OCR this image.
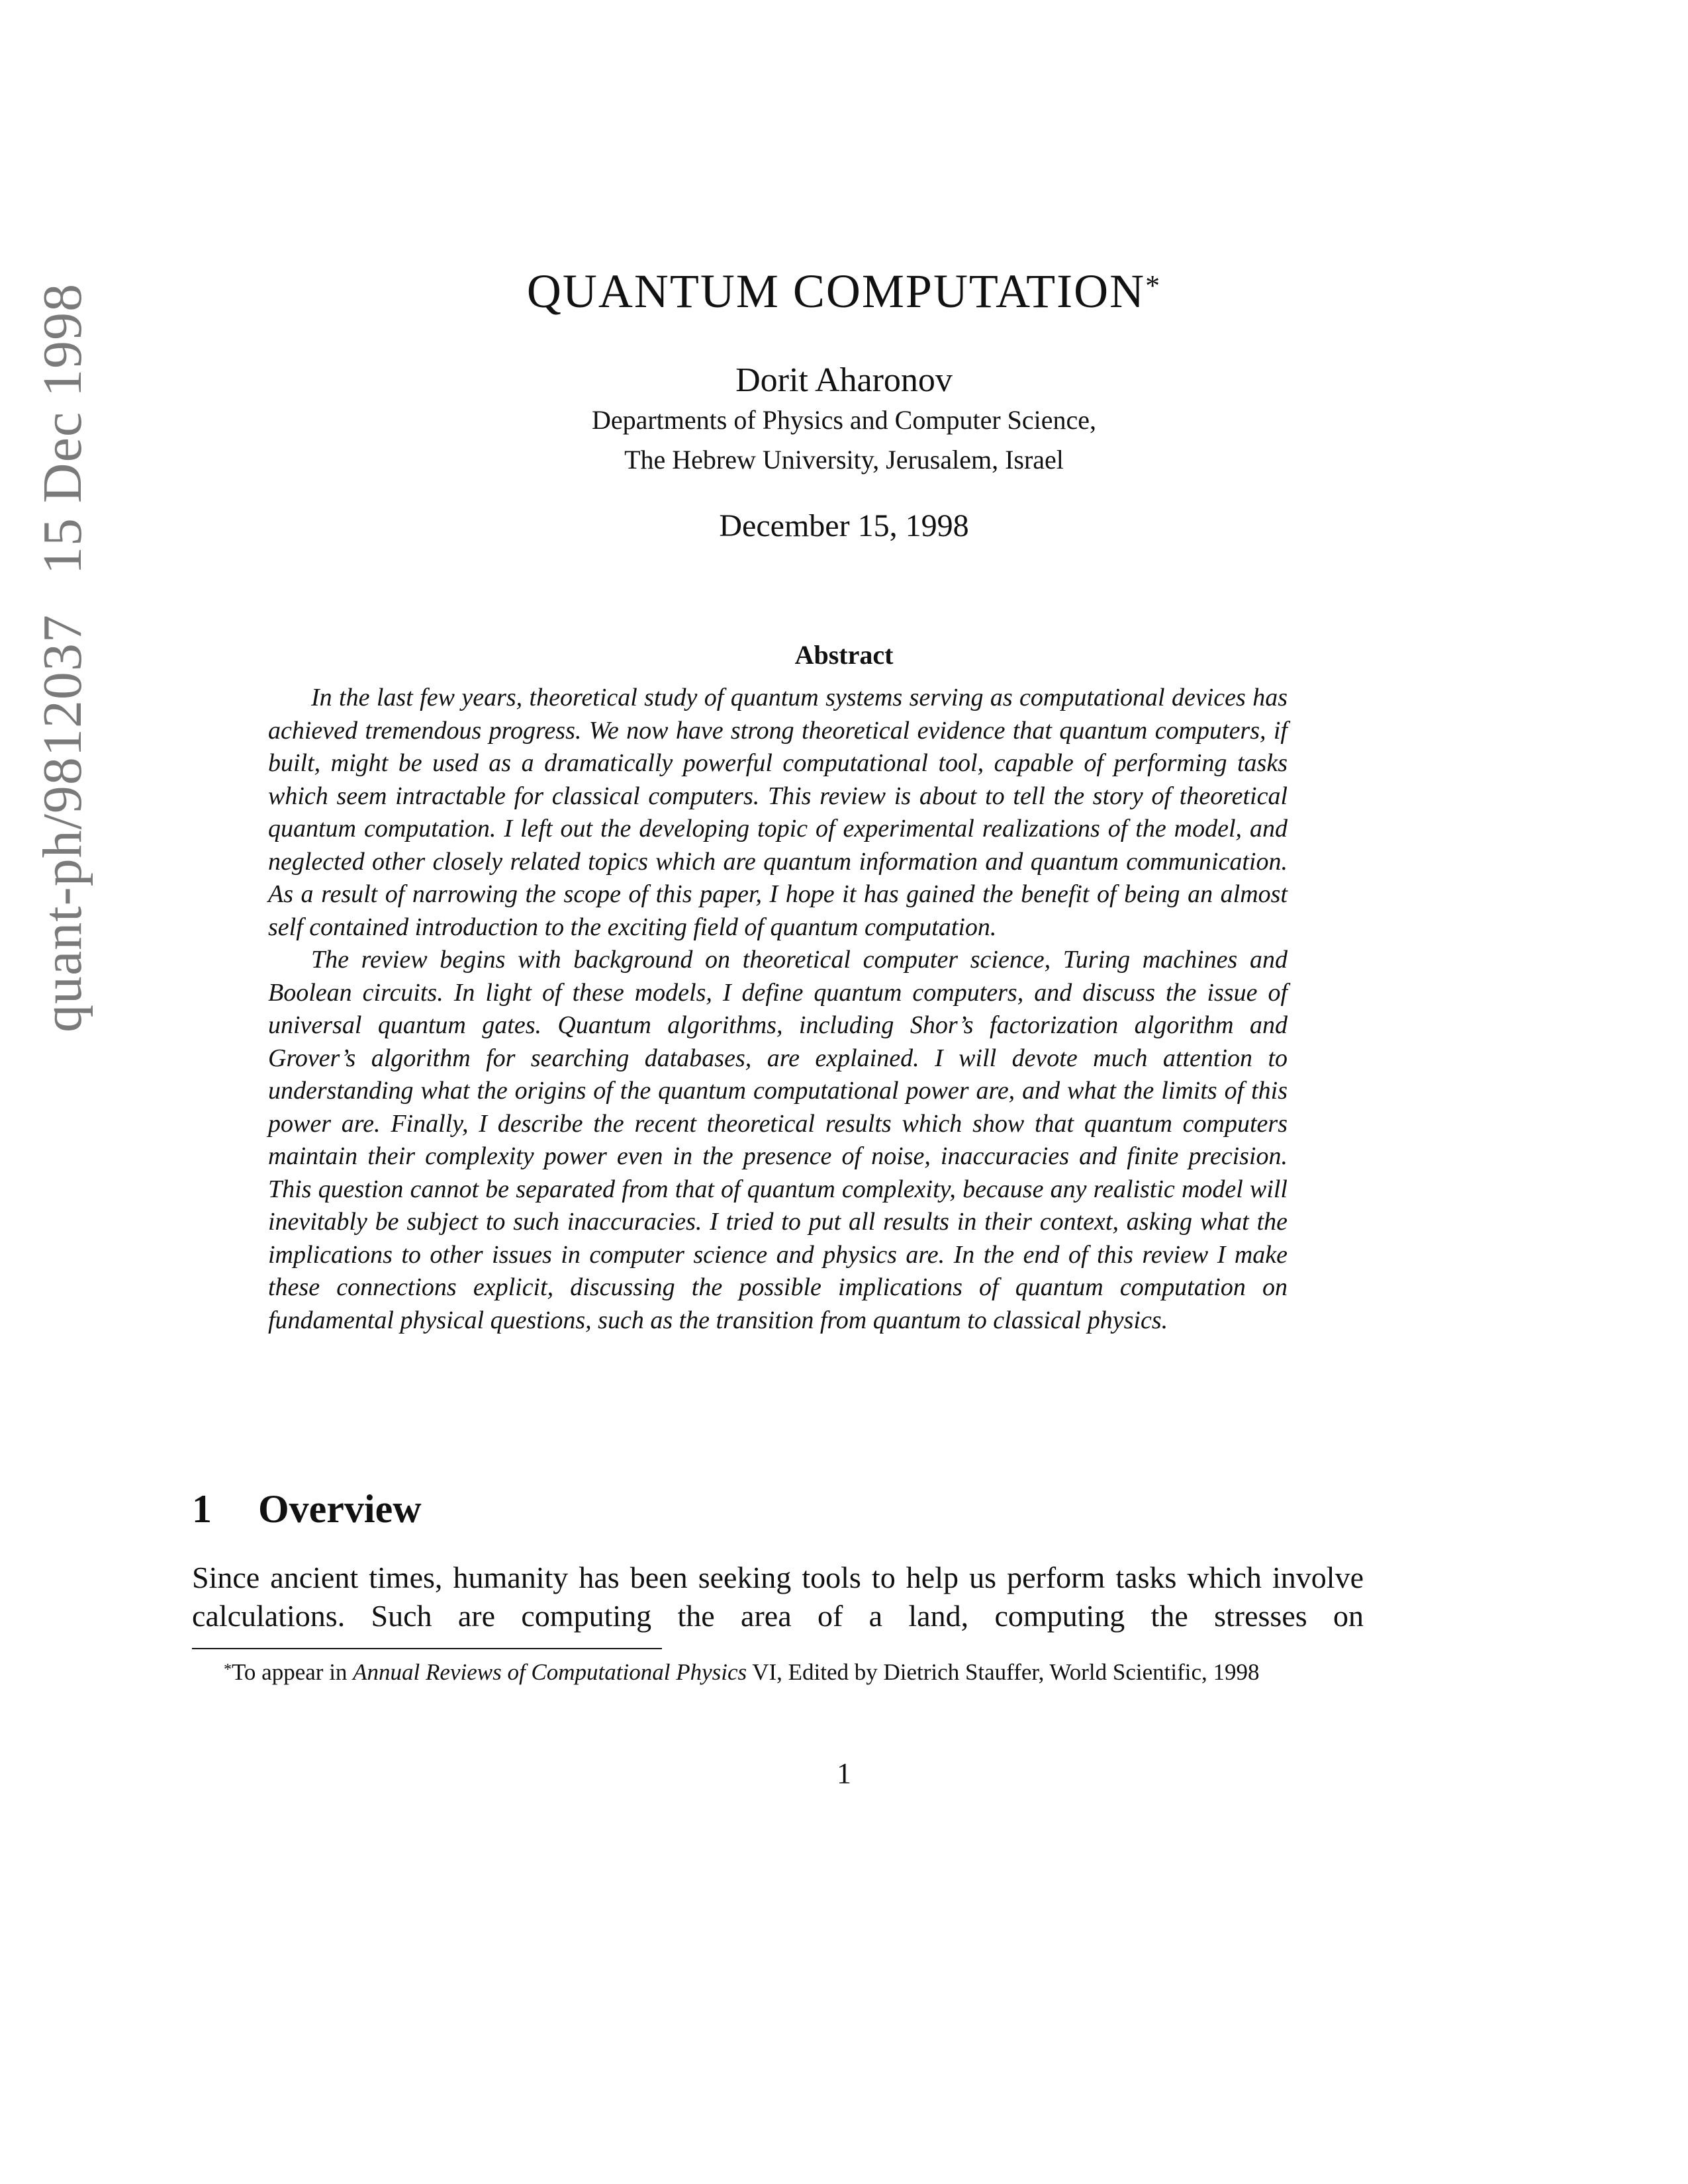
quant-ph/981203715 Dec 1998	QUANTUM COMPUTATION*
Dorit Aharonov
Departments of Physics and Computer Science,
The Hebrew University, Jerusalem, Israel
December 15, 1998
Abstract

In the last few years, theoretical study of quantum systems serving as computational devices has achieved tremendous progress. We now have strong theoretical evidence that quantum computers, if built, might be used as a dramatically powerful computational tool, capable of performing tasks which seem intractable for classical computers. This review is about to tell the story of theoretical quantum computation. I left out the developing topic of experimental realizations of the model, and neglected other closely related topics which are quantum information and quantum communication. As a result of narrowing the scope of this paper, I hope it has gained the benefit of being an almost self contained introduction to the exciting field of quantum computation.

The review begins with background on theoretical computer science, Turing machines and Boolean circuits. In light of these models, I define quantum computers, and discuss the issue of universal quantum gates. Quantum algorithms, including Shor’s factorization algorithm and Grover’s algorithm for searching databases, are explained. I will devote much attention to understanding what the origins of the quantum computational power are, and what the limits of this power are. Finally, I describe the recent theoretical results which show that quantum computers maintain their complexity power even in the presence of noise, inaccuracies and finite precision. This question cannot be separated from that of quantum complexity, because any realistic model will inevitably be subject to such inaccuracies. I tried to put all results in their context, asking what the implications to other issues in computer science and physics are. In the end of this review I make these connections explicit, discussing the possible implications of quantum computation on fundamental physical questions, such as the transition from quantum to classical physics.

1 Overview

Since ancient times, humanity has been seeking tools to help us perform tasks which involve calculations. Such are computing the area of a land, computing the stresses on

*To appear in Annual Reviews of Computational Physics VI, Edited by Dietrich Stauffer, World Scientific, 1998

1
